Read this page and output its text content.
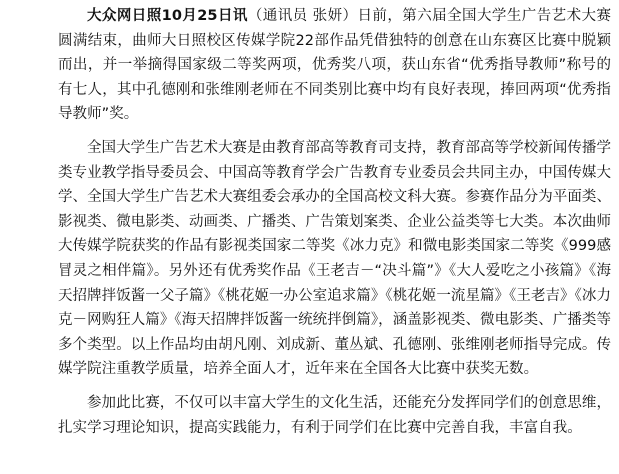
大众网日照10月25日讯（通讯员 张妍）日前，第六届全国大学生广告艺术大赛圆满结束，曲师大日照校区传媒学院22部作品凭借独特的创意在山东赛区比赛中脱颖而出，并一举摘得国家级二等奖两项，优秀奖八项，获山东省“优秀指导教师”称号的有七人，其中孔德刚和张维刚老师在不同类别比赛中均有良好表现，捧回两项“优秀指导教师”奖。

全国大学生广告艺术大赛是由教育部高等教育司支持，教育部高等学校新闻传播学类专业教学指导委员会、中国高等教育学会广告教育专业委员会共同主办，中国传媒大学、全国大学生广告艺术大赛组委会承办的全国高校文科大赛。参赛作品分为平面类、影视类、微电影类、动画类、广播类、广告策划案类、企业公益类等七大类。本次曲师大传媒学院获奖的作品有影视类国家二等奖《冰力克》和微电影类国家二等奖《999感冒灵之相伴篇》。另外还有优秀奖作品《王老吉－“决斗篇”》《大人爱吃之小孩篇》《海天招牌拌饭酱一父子篇》《桃花姬一办公室追求篇》《桃花姬一流星篇》《王老吉》《冰力克－网购狂人篇》《海天招牌拌饭酱一统统拌倒篇》，涵盖影视类、微电影类、广播类等多个类型。以上作品均由胡凡刚、刘成新、董丛斌、孔德刚、张维刚老师指导完成。传媒学院注重教学质量，培养全面人才，近年来在全国各大比赛中获奖无数。

参加此比赛，不仅可以丰富大学生的文化生活，还能充分发挥同学们的创意思维，扎实学习理论知识，提高实践能力，有利于同学们在比赛中完善自我，丰富自我。
